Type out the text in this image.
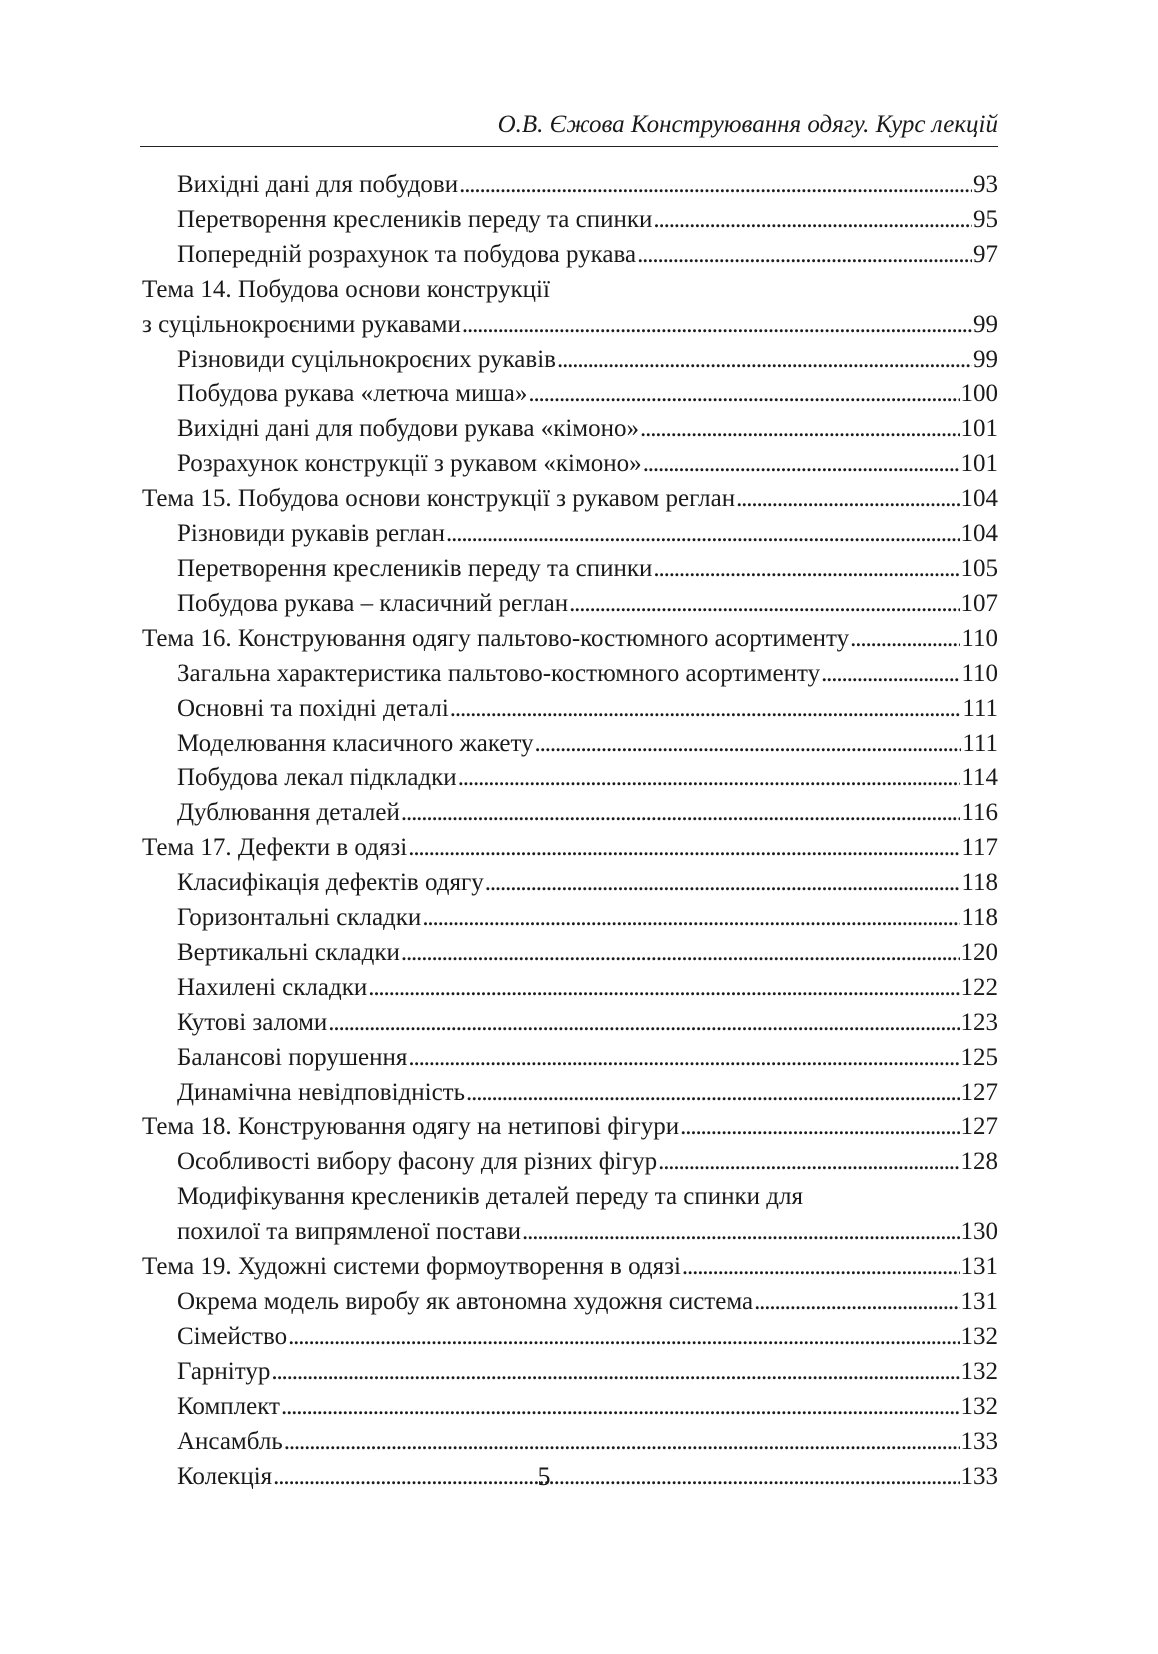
О.В. Єжова Конструювання одягу. Курс лекцій
Вихідні дані для побудови . . .	93
Перетворення креслеників переду та спинки . . .	95
Попередній розрахунок та побудова рукава . . .	97
Тема 14. Побудова основи конструкції
з суцільнокроєними рукавами . . .	99
Різновиди суцільнокроєних рукавів . . .	99
Побудова рукава «летюча миша» . . .	100
Вихідні дані для побудови рукава «кімоно» . . .	101
Розрахунок конструкції з рукавом «кімоно» . . .	101
Тема 15. Побудова основи конструкції з рукавом реглан . . .	104
Різновиди рукавів реглан . . .	104
Перетворення креслеників переду та спинки . . .	105
Побудова рукава – класичний реглан . . .	107
Тема 16. Конструювання одягу пальтово-костюмного асортименту . . .	110
Загальна характеристика пальтово-костюмного асортименту . . .	110
Основні та похідні деталі . . .	111
Моделювання класичного жакету . . .	111
Побудова лекал підкладки . . .	114
Дублювання деталей . . .	116
Тема 17. Дефекти в одязі . . .	117
Класифікація дефектів одягу . . .	118
Горизонтальні складки . . .	118
Вертикальні складки . . .	120
Нахилені складки . . .	122
Кутові заломи . . .	123
Балансові порушення . . .	125
Динамічна невідповідність . . .	127
Тема 18. Конструювання одягу на нетипові фігури . . .	127
Особливості вибору фасону для різних фігур . . .	128
Модифікування креслеників деталей переду та спинки для
похилої та випрямленої постави . . .	130
Тема 19. Художні системи формоутворення в одязі . . .	131
Окрема модель виробу як автономна художня система . . .	131
Сімейство . . .	132
Гарнітур . . .	132
Комплект . . .	132
Ансамбль . . .	133
Колекція . . .	133
5
